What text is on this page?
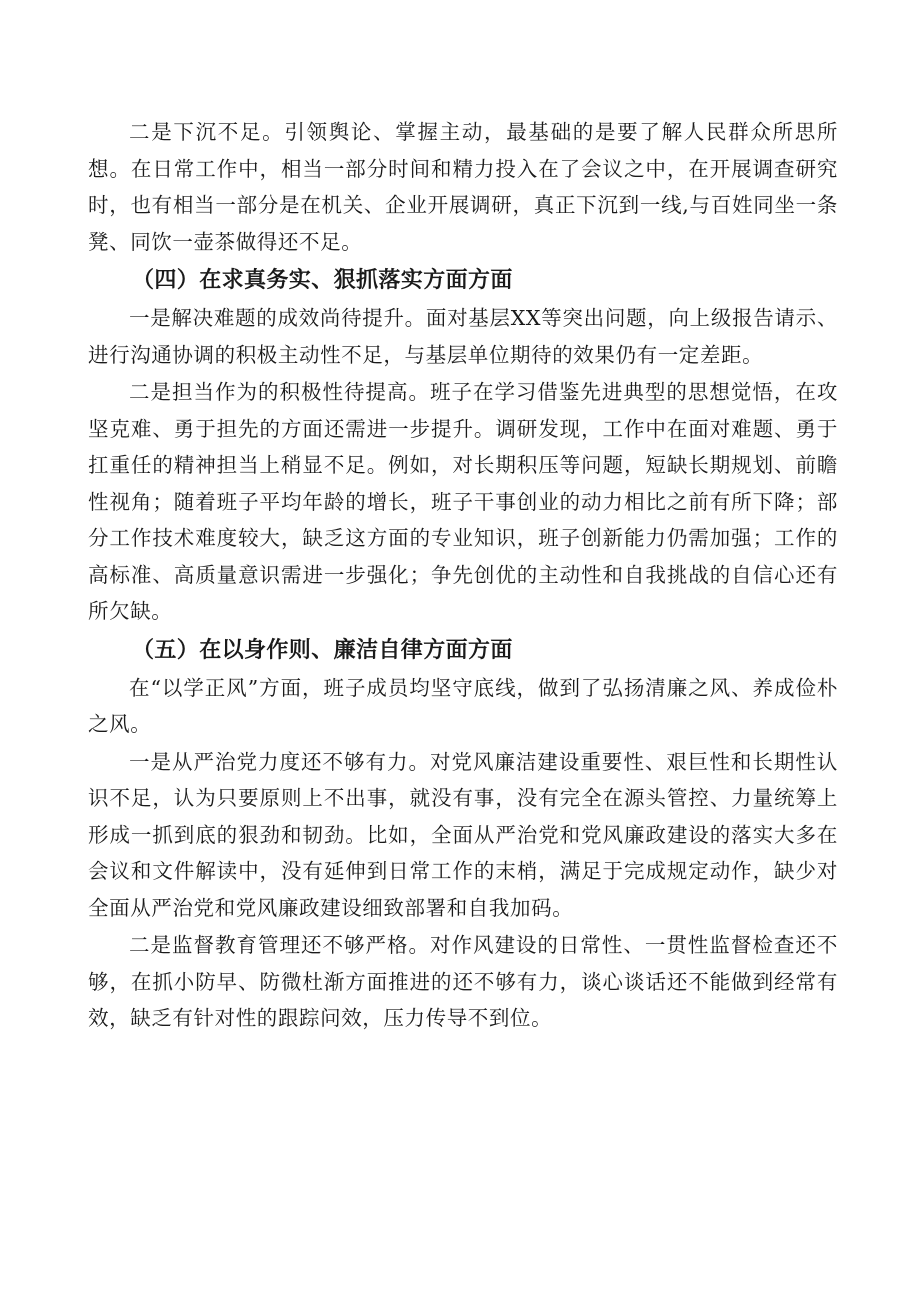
二是下沉不足。引领舆论、掌握主动，最基础的是要了解人民群众所思所想。在日常工作中，相当一部分时间和精力投入在了会议之中，在开展调查研究时，也有相当一部分是在机关、企业开展调研，真正下沉到一线,与百姓同坐一条凳、同饮一壶茶做得还不足。

（四）在求真务实、狠抓落实方面方面

一是解决难题的成效尚待提升。面对基层XX等突出问题，向上级报告请示、进行沟通协调的积极主动性不足，与基层单位期待的效果仍有一定差距。

二是担当作为的积极性待提高。班子在学习借鉴先进典型的思想觉悟，在攻坚克难、勇于担先的方面还需进一步提升。调研发现，工作中在面对难题、勇于扛重任的精神担当上稍显不足。例如，对长期积压等问题，短缺长期规划、前瞻性视角；随着班子平均年龄的增长，班子干事创业的动力相比之前有所下降；部分工作技术难度较大，缺乏这方面的专业知识，班子创新能力仍需加强；工作的高标准、高质量意识需进一步强化；争先创优的主动性和自我挑战的自信心还有所欠缺。

（五）在以身作则、廉洁自律方面方面

在“以学正风”方面，班子成员均坚守底线，做到了弘扬清廉之风、养成俭朴之风。

一是从严治党力度还不够有力。对党风廉洁建设重要性、艰巨性和长期性认识不足，认为只要原则上不出事，就没有事，没有完全在源头管控、力量统筹上形成一抓到底的狠劲和韧劲。比如，全面从严治党和党风廉政建设的落实大多在会议和文件解读中，没有延伸到日常工作的末梢，满足于完成规定动作，缺少对全面从严治党和党风廉政建设细致部署和自我加码。

二是监督教育管理还不够严格。对作风建设的日常性、一贯性监督检查还不够，在抓小防早、防微杜渐方面推进的还不够有力，谈心谈话还不能做到经常有效，缺乏有针对性的跟踪问效，压力传导不到位。
